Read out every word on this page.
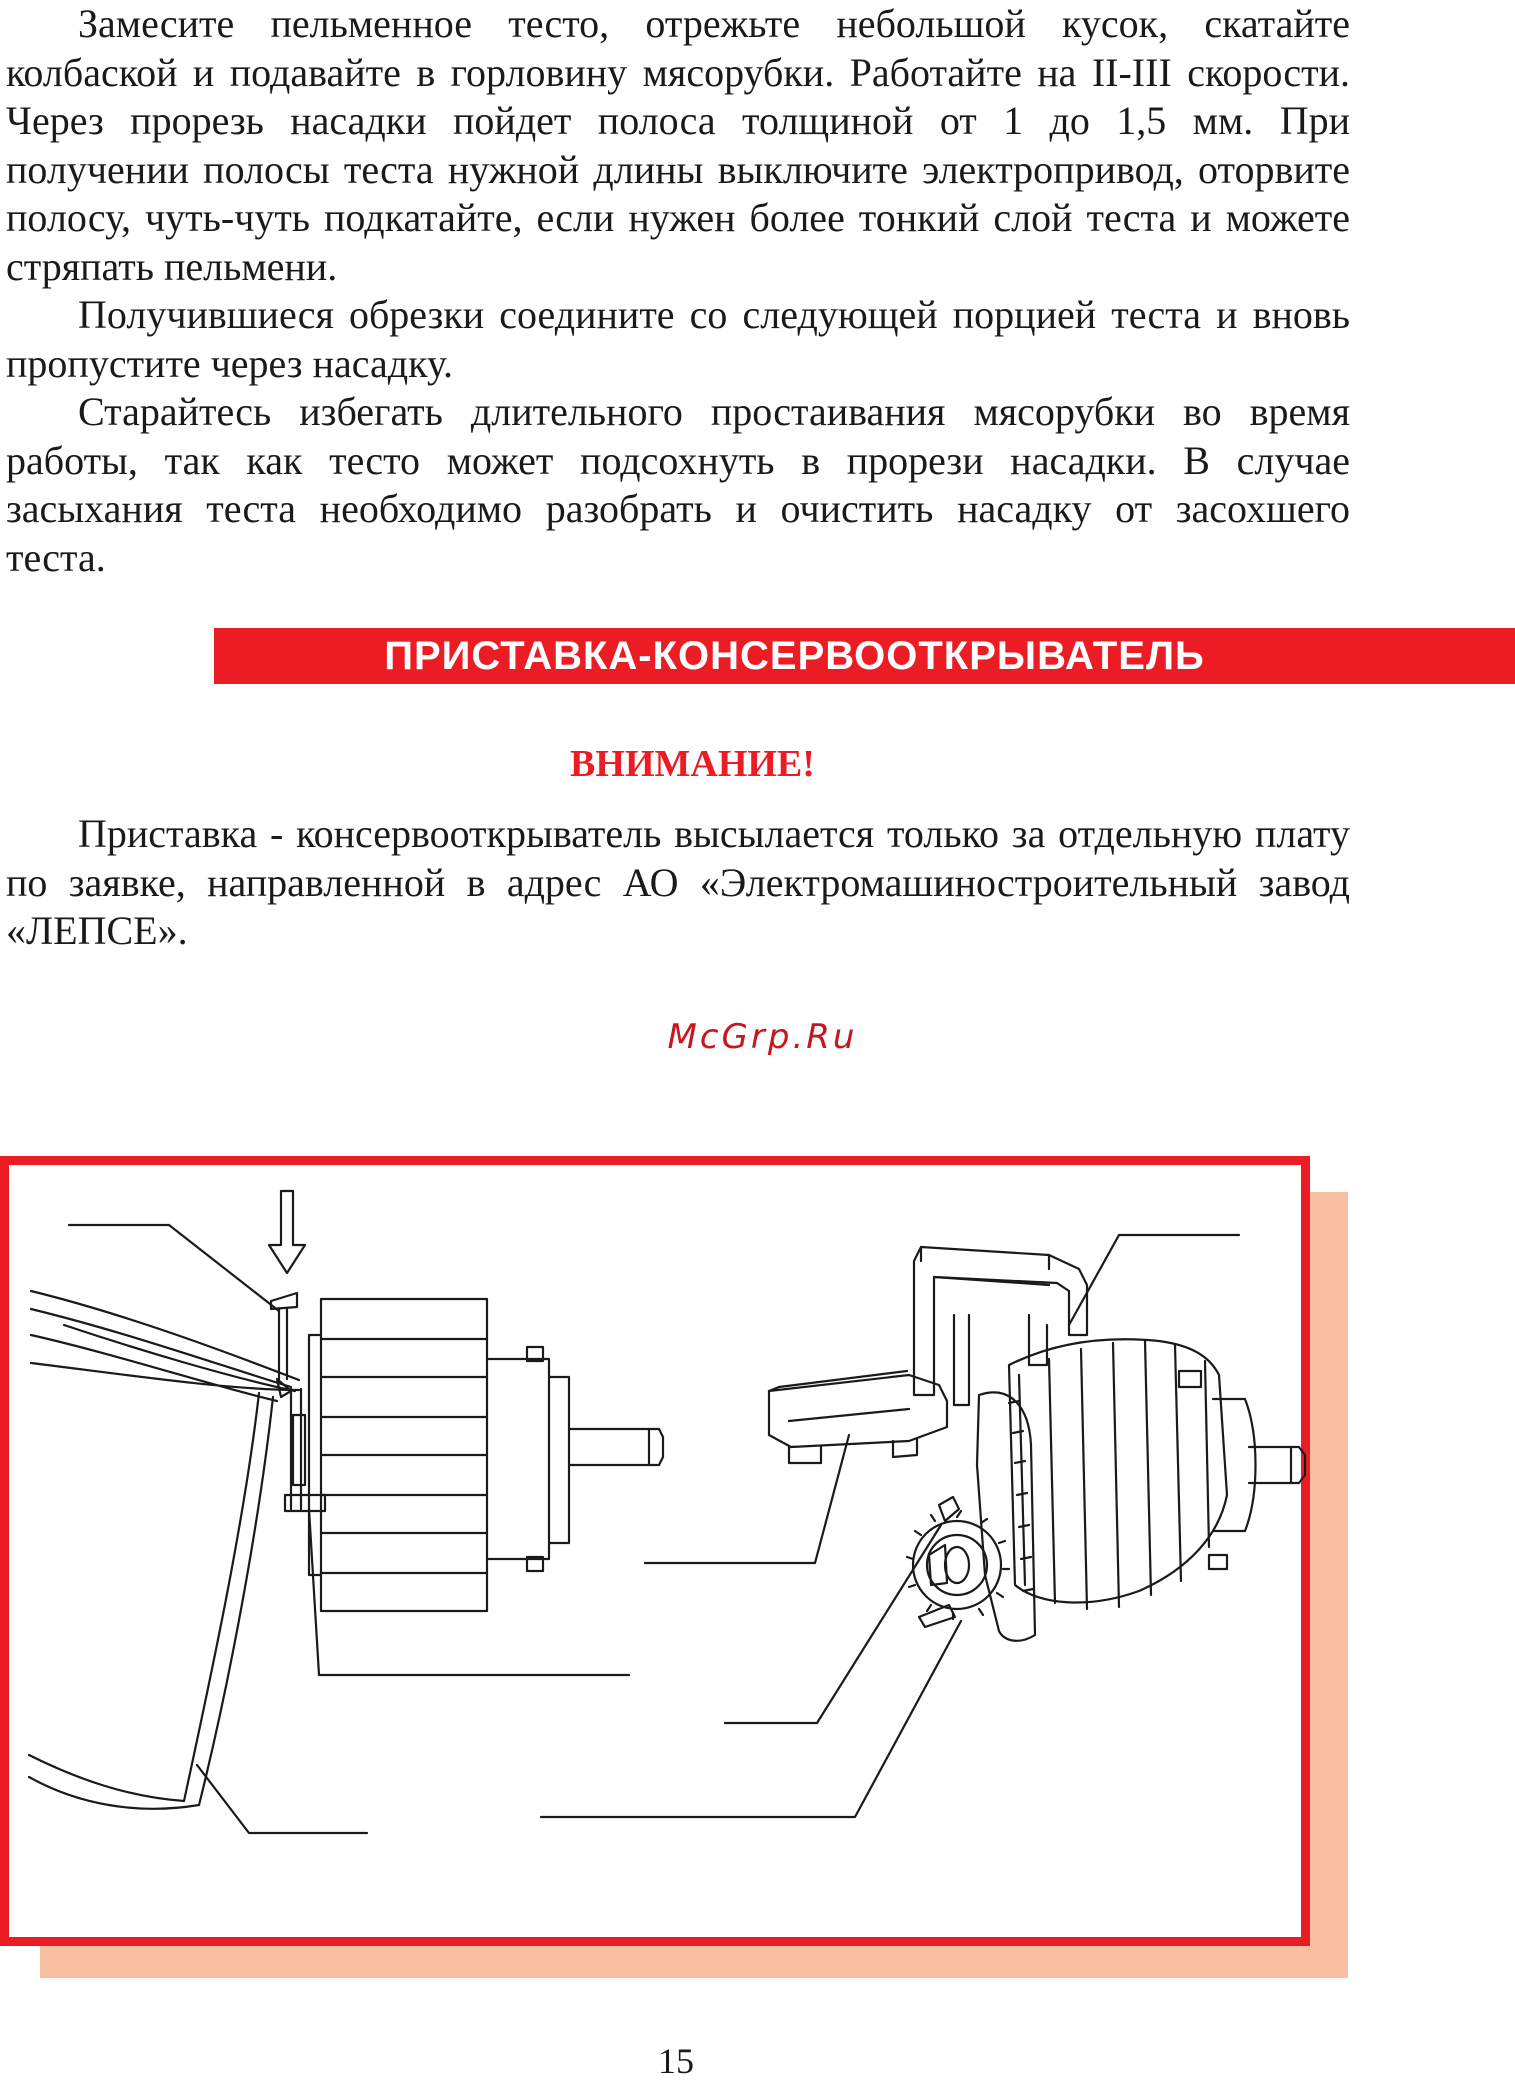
Замесите пельменное тесто, отрежьте небольшой кусок, скатайте колбаской и подавайте в горловину мясорубки. Работайте на II-III скорости. Через прорезь насадки пойдет полоса толщиной от 1 до 1,5 мм. При получении полосы теста нужной длины выключите электропривод, оторвите полосу, чуть-чуть подкатайте, если нужен более тонкий слой теста и можете стряпать пельмени.

Получившиеся обрезки соедините со следующей порцией теста и вновь пропустите через насадку.

Старайтесь избегать длительного простаивания мясорубки во время работы, так как тесто может подсохнуть в прорези насадки. В случае засыхания теста необходимо разобрать и очистить насадку от засохшего теста.

ПРИСТАВКА-КОНСЕРВООТКРЫВАТЕЛЬ
ВНИМАНИЕ!

Приставка - консервооткрыватель высылается только за отдельную плату по заявке, направленной в адрес АО «Электромашиностроительный завод «ЛЕПСЕ».

McGrp.Ru
15
